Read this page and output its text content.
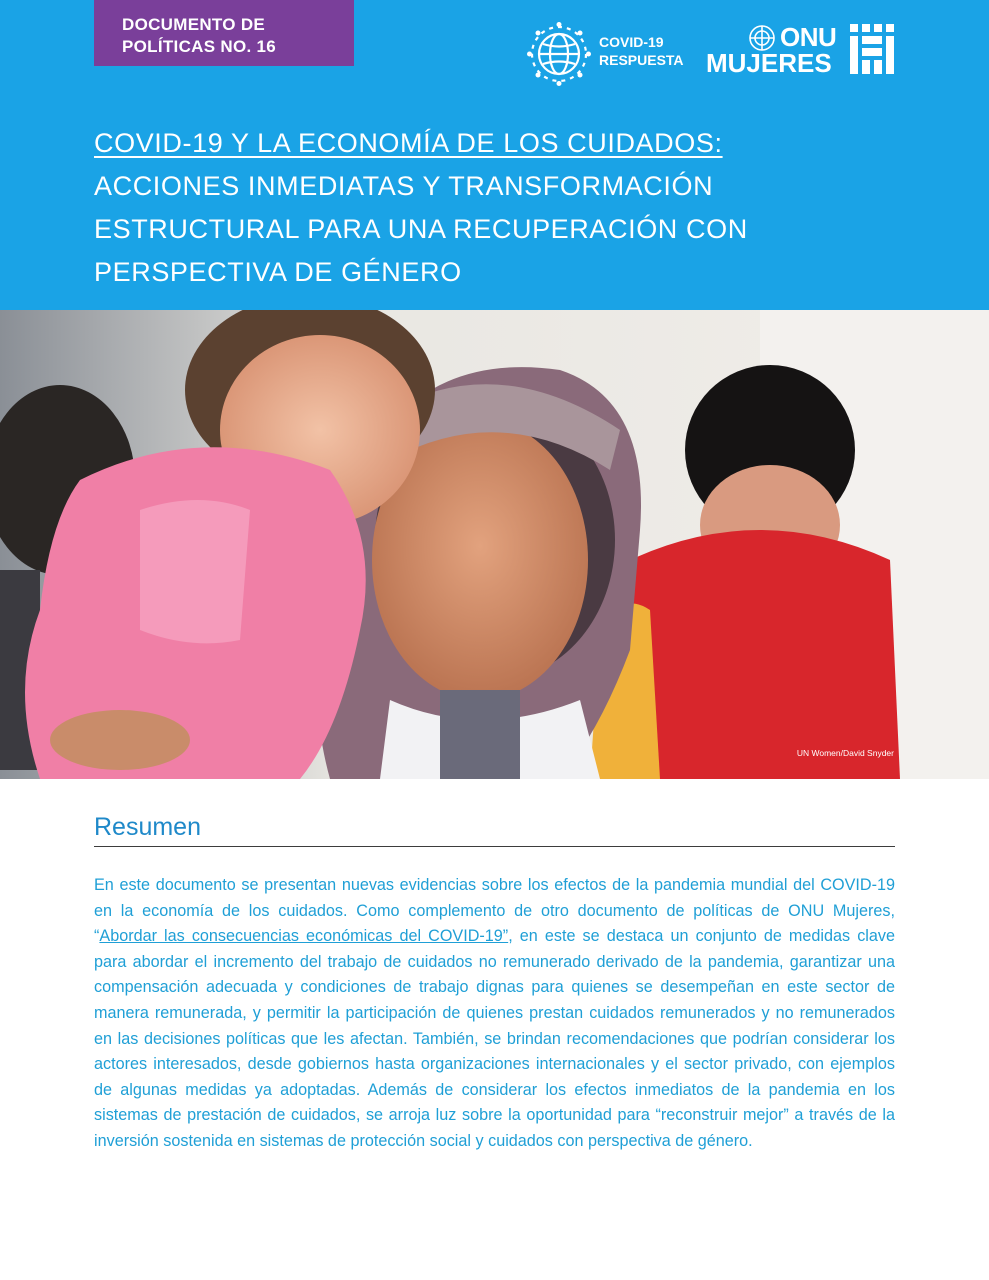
DOCUMENTO DE
POLÍTICAS NO. 16	COVID-19
RESPUESTA
ONU
MUJERES
COVID-19 Y LA ECONOMÍA DE LOS CUIDADOS:
ACCIONES INMEDIATAS Y TRANSFORMACIÓN ESTRUCTURAL PARA UNA RECUPERACIÓN CON PERSPECTIVA DE GÉNERO
UN Women/David Snyder
Resumen

En este documento se presentan nuevas evidencias sobre los efectos de la pandemia mundial del COVID-19 en la economía de los cuidados. Como complemento de otro documento de políticas de ONU Mujeres, “Abordar las consecuencias económicas del COVID-19”, en este se destaca un conjunto de medidas clave para abordar el incremento del trabajo de cuidados no remunerado derivado de la pandemia, garantizar una compensación adecuada y condiciones de trabajo dignas para quienes se desempeñan en este sector de manera remunerada, y permitir la participación de quienes prestan cuidados remunerados y no remunerados en las decisiones políticas que les afectan. También, se brindan recomendaciones que podrían considerar los actores interesados, desde gobiernos hasta organizaciones internacionales y el sector privado, con ejemplos de algunas medidas ya adoptadas. Además de considerar los efectos inmediatos de la pandemia en los sistemas de prestación de cuidados, se arroja luz sobre la oportunidad para “reconstruir mejor” a través de la inversión sostenida en sistemas de protección social y cuidados con perspectiva de género.
